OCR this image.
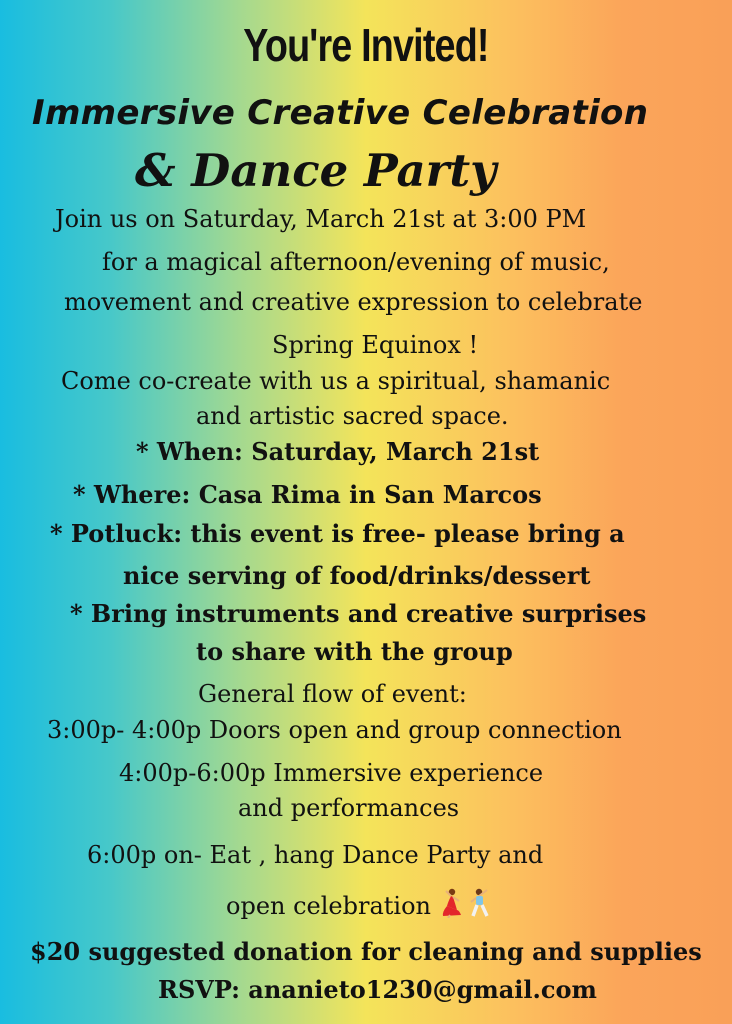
You're Invited!
Immersive Creative Celebration
& Dance Party

Join us on Saturday, March 21st at 3:00 PM

for a magical afternoon/evening of music,

movement and creative expression to celebrate

Spring Equinox !

Come co-create with us a spiritual, shamanic

and artistic sacred space.

* When: Saturday, March 21st

* Where: Casa Rima in San Marcos

* Potluck: this event is free- please bring a

nice serving of food/drinks/dessert

* Bring instruments and creative surprises

to share with the group

General flow of event:

3:00p- 4:00p Doors open and group connection

4:00p-6:00p Immersive experience

and performances

6:00p on- Eat , hang Dance Party and

open celebration

$20 suggested donation for cleaning and supplies

RSVP: ananieto1230@gmail.com
